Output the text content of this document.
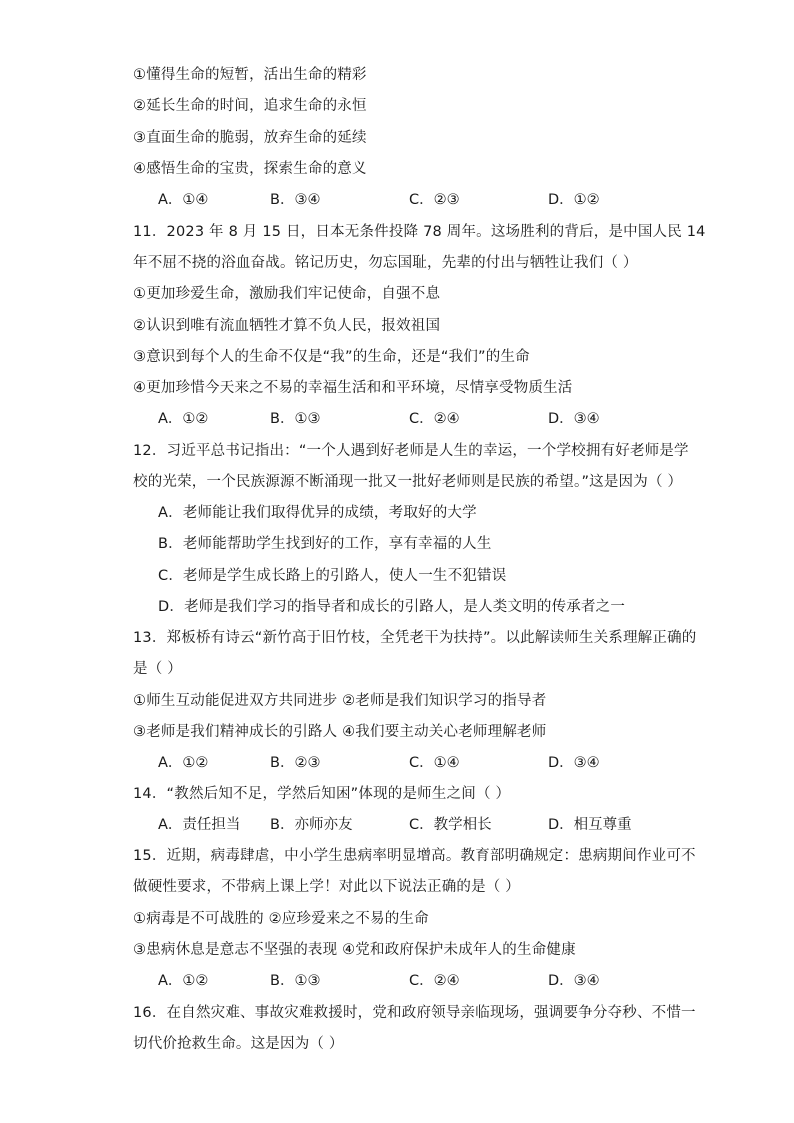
①懂得生命的短暂，活出生命的精彩
②延长生命的时间，追求生命的永恒
③直面生命的脆弱，放弃生命的延续
④感悟生命的宝贵，探索生命的意义
A．①④	B．③④	C．②③	D．①②
11．2023 年 8 月 15 日，日本无条件投降 78 周年。这场胜利的背后，是中国人民 14
年不屈不挠的浴血奋战。铭记历史，勿忘国耻，先辈的付出与牺牲让我们（ ）
①更加珍爱生命，激励我们牢记使命，自强不息
②认识到唯有流血牺牲才算不负人民，报效祖国
③意识到每个人的生命不仅是“我”的生命，还是“我们”的生命
④更加珍惜今天来之不易的幸福生活和和平环境，尽情享受物质生活
A．①②	B．①③	C．②④	D．③④
12．习近平总书记指出：“一个人遇到好老师是人生的幸运，一个学校拥有好老师是学
校的光荣，一个民族源源不断涌现一批又一批好老师则是民族的希望。”这是因为（ ）
A．老师能让我们取得优异的成绩，考取好的大学
B．老师能帮助学生找到好的工作，享有幸福的人生
C．老师是学生成长路上的引路人，使人一生不犯错误
D．老师是我们学习的指导者和成长的引路人，是人类文明的传承者之一
13．郑板桥有诗云“新竹高于旧竹枝，全凭老干为扶持”。以此解读师生关系理解正确的
是（ ）
①师生互动能促进双方共同进步 ②老师是我们知识学习的指导者
③老师是我们精神成长的引路人 ④我们要主动关心老师理解老师
A．①②	B．②③	C．①④	D．③④
14．“教然后知不足，学然后知困”体现的是师生之间（ ）
A．责任担当 B．亦师亦友	C．教学相长	D．相互尊重
15．近期，病毒肆虐，中小学生患病率明显增高。教育部明确规定：患病期间作业可不
做硬性要求，不带病上课上学！对此以下说法正确的是（ ）
①病毒是不可战胜的 ②应珍爱来之不易的生命
③患病休息是意志不坚强的表现 ④党和政府保护未成年人的生命健康
A．①②	B．①③	C．②④	D．③④
16．在自然灾难、事故灾难救援时，党和政府领导亲临现场，强调要争分夺秒、不惜一
切代价抢救生命。这是因为（ ）
